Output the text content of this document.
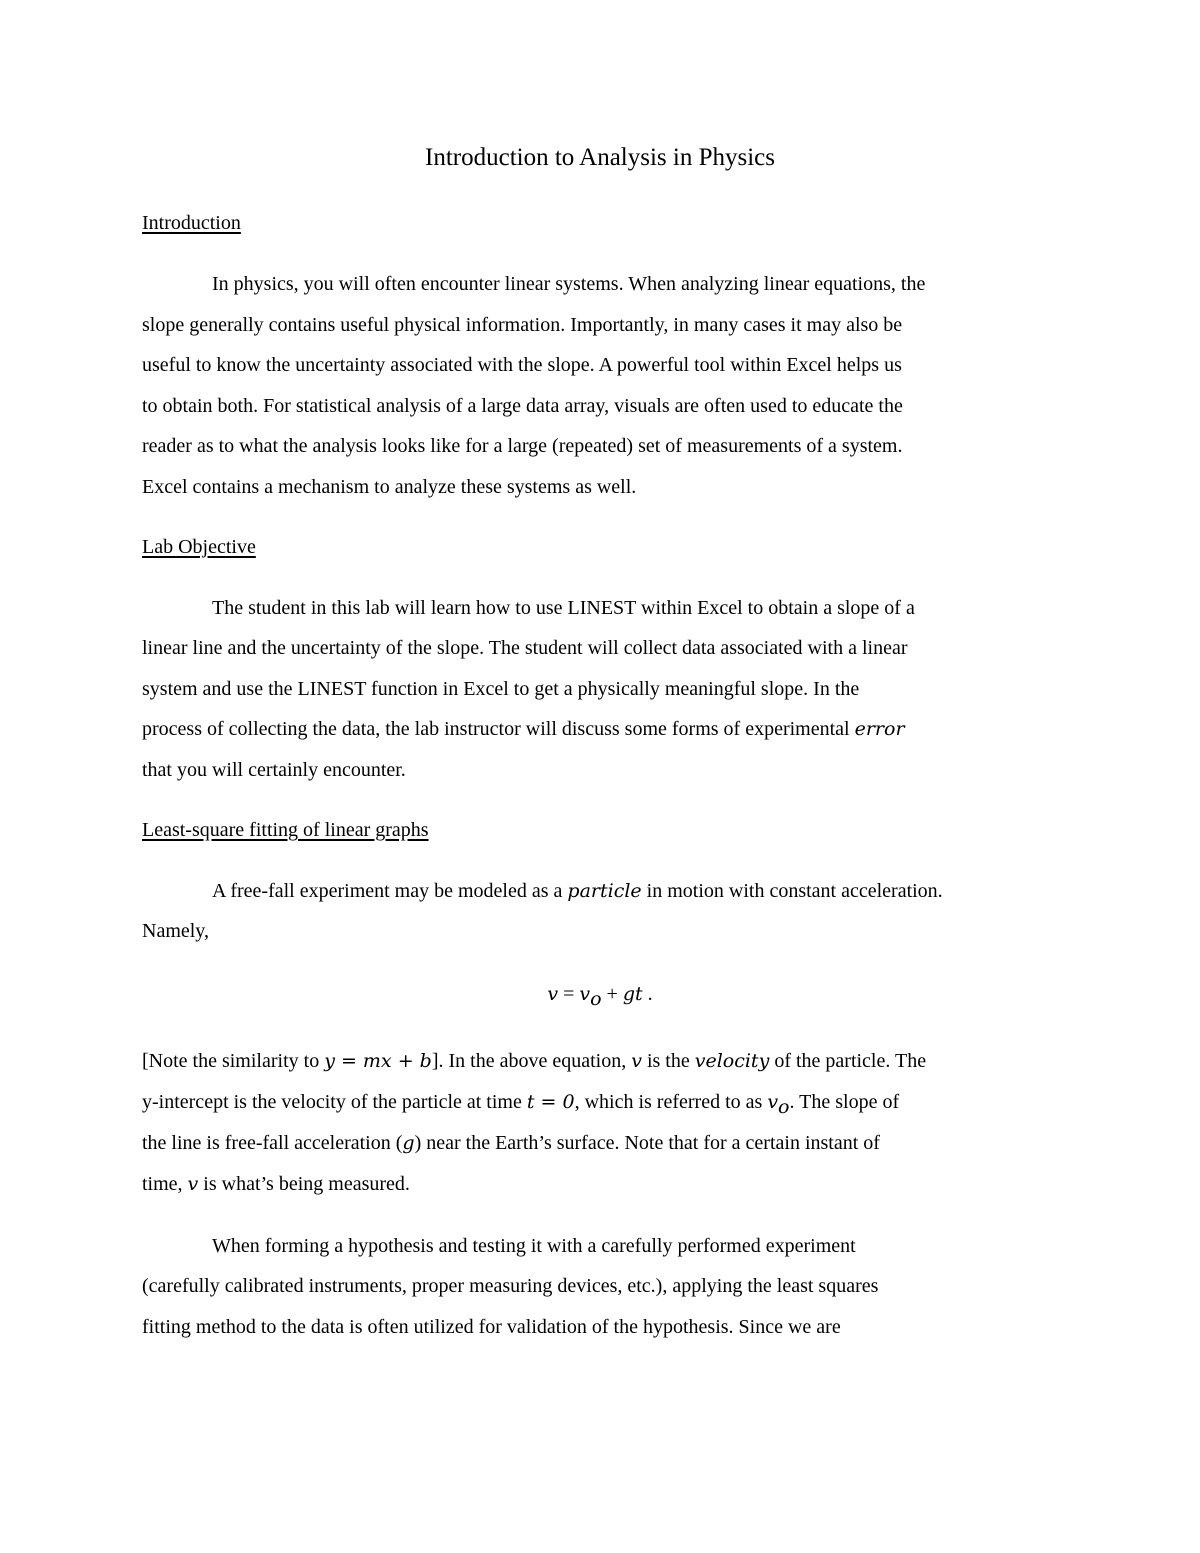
Introduction to Analysis in Physics
Introduction

In physics, you will often encounter linear systems. When analyzing linear equations, the

slope generally contains useful physical information. Importantly, in many cases it may also be

useful to know the uncertainty associated with the slope. A powerful tool within Excel helps us

to obtain both. For statistical analysis of a large data array, visuals are often used to educate the

reader as to what the analysis looks like for a large (repeated) set of measurements of a system.

Excel contains a mechanism to analyze these systems as well.

Lab Objective

The student in this lab will learn how to use LINEST within Excel to obtain a slope of a

linear line and the uncertainty of the slope. The student will collect data associated with a linear

system and use the LINEST function in Excel to get a physically meaningful slope. In the

process of collecting the data, the lab instructor will discuss some forms of experimental error

that you will certainly encounter.

Least-square fitting of linear graphs

A free-fall experiment may be modeled as a particle in motion with constant acceleration.

Namely,

$v = v_o$ + gt .

[Note the similarity to y = mx + b]. In the above equation, v is the velocity of the particle. The

y-intercept is the velocity of the particle at time t = 0, which is referred to as $v_o$. The slope of

the line is free-fall acceleration (g) near the Earth’s surface. Note that for a certain instant of

time, v is what’s being measured.

When forming a hypothesis and testing it with a carefully performed experiment

(carefully calibrated instruments, proper measuring devices, etc.), applying the least squares

fitting method to the data is often utilized for validation of the hypothesis. Since we are
